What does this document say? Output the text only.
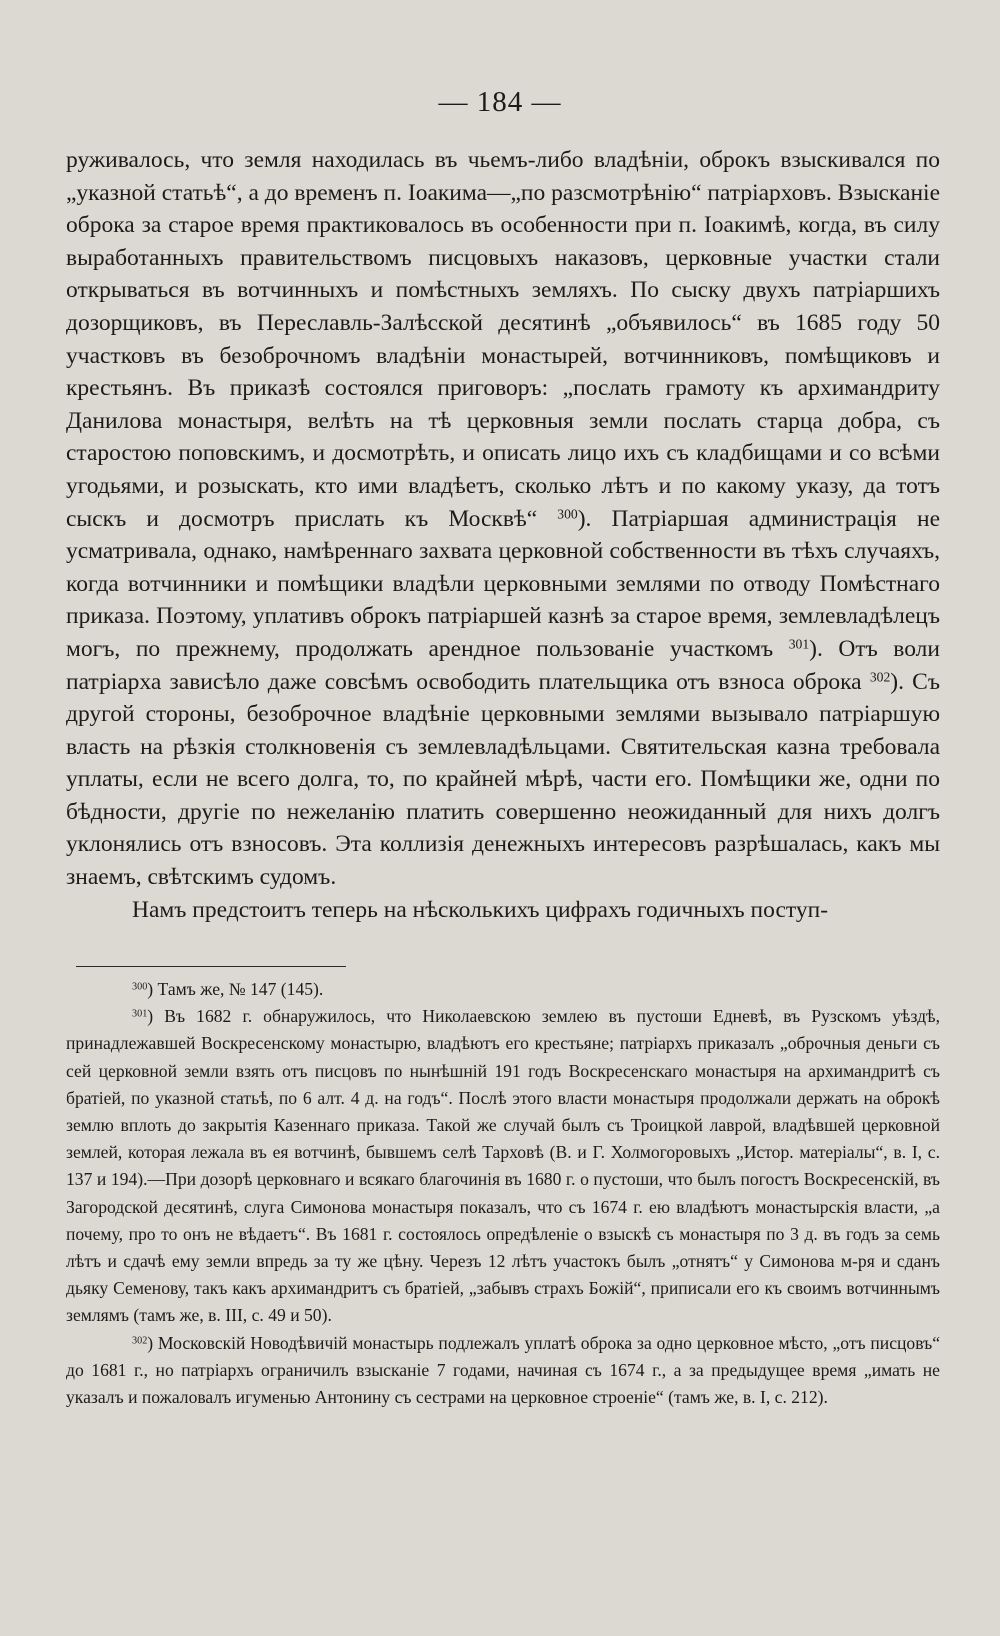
— 184 —

руживалось, что земля находилась въ чьемъ-либо владѣніи, оброкъ взыскивался по „указной статьѣ“, а до временъ п. Іоакима—„по разсмотрѣнію“ патріарховъ. Взысканіе оброка за старое время практиковалось въ особенности при п. Іоакимѣ, когда, въ силу выработанныхъ правительствомъ писцовыхъ наказовъ, церковные участки стали открываться въ вотчинныхъ и помѣстныхъ земляхъ. По сыску двухъ патріаршихъ дозорщиковъ, въ Переславль-Залѣсской десятинѣ „объявилось“ въ 1685 году 50 участковъ въ безоброчномъ владѣніи монастырей, вотчинниковъ, помѣщиковъ и крестьянъ. Въ приказѣ состоялся приговоръ: „послать грамоту къ архимандриту Данилова монастыря, велѣть на тѣ церковныя земли послать старца добра, съ старостою поповскимъ, и досмотрѣть, и описать лицо ихъ съ кладбищами и со всѣми угодьями, и розыскать, кто ими владѣетъ, сколько лѣтъ и по какому указу, да тотъ сыскъ и досмотръ прислать къ Москвѣ“ $^{300}$). Патріаршая администрація не усматривала, однако, намѣреннаго захвата церковной собственности въ тѣхъ случаяхъ, когда вотчинники и помѣщики владѣли церковными землями по отводу Помѣстнаго приказа. Поэтому, уплативъ оброкъ патріаршей казнѣ за старое время, землевладѣлецъ могъ, по прежнему, продолжать арендное пользованіе участкомъ $^{301}$). Отъ воли патріарха зависѣло даже совсѣмъ освободить плательщика отъ взноса оброка $^{302}$). Съ другой стороны, безоброчное владѣніе церковными землями вызывало патріаршую власть на рѣзкія столкновенія съ землевладѣльцами. Святительская казна требовала уплаты, если не всего долга, то, по крайней мѣрѣ, части его. Помѣщики же, одни по бѣдности, другіе по нежеланію платить совершенно неожиданный для нихъ долгъ уклонялись отъ взносовъ. Эта коллизія денежныхъ интересовъ разрѣшалась, какъ мы знаемъ, свѣтскимъ судомъ.

Намъ предстоитъ теперь на нѣсколькихъ цифрахъ годичныхъ поступ-

$^{300}$) Тамъ же, № 147 (145).

$^{301}$) Въ 1682 г. обнаружилось, что Николаевскою землею въ пустоши Едневѣ, въ Рузскомъ уѣздѣ, принадлежавшей Воскресенскому монастырю, владѣютъ его крестьяне; патріархъ приказалъ „оброчныя деньги съ сей церковной земли взять отъ писцовъ по нынѣшній 191 годъ Воскресенскаго монастыря на архимандритѣ съ братіей, по указной статьѣ, по 6 алт. 4 д. на годъ“. Послѣ этого власти монастыря продолжали держать на оброкѣ землю вплоть до закрытія Казеннаго приказа. Такой же случай былъ съ Троицкой лаврой, владѣвшей церковной землей, которая лежала въ ея вотчинѣ, бывшемъ селѣ Тарховѣ (В. и Г. Холмогоровыхъ „Истор. матеріалы“, в. I, с. 137 и 194).—При дозорѣ церковнаго и всякаго благочинія въ 1680 г. о пустоши, что былъ погостъ Воскресенскій, въ Загородской десятинѣ, слуга Симонова монастыря показалъ, что съ 1674 г. ею владѣютъ монастырскія власти, „а почему, про то онъ не вѣдаетъ“. Въ 1681 г. состоялось опредѣленіе о взыскѣ съ монастыря по 3 д. въ годъ за семь лѣтъ и сдачѣ ему земли впредь за ту же цѣну. Черезъ 12 лѣтъ участокъ былъ „отнятъ“ у Симонова м-ря и сданъ дьяку Семенову, такъ какъ архимандритъ съ братіей, „забывъ страхъ Божій“, приписали его къ своимъ вотчиннымъ землямъ (тамъ же, в. III, с. 49 и 50).

$^{302}$) Московскій Новодѣвичій монастырь подлежалъ уплатѣ оброка за одно церковное мѣсто, „отъ писцовъ“ до 1681 г., но патріархъ ограничилъ взысканіе 7 годами, начиная съ 1674 г., а за предыдущее время „имать не указалъ и пожаловалъ игуменью Антонину съ сестрами на церковное строеніе“ (тамъ же, в. I, с. 212).
